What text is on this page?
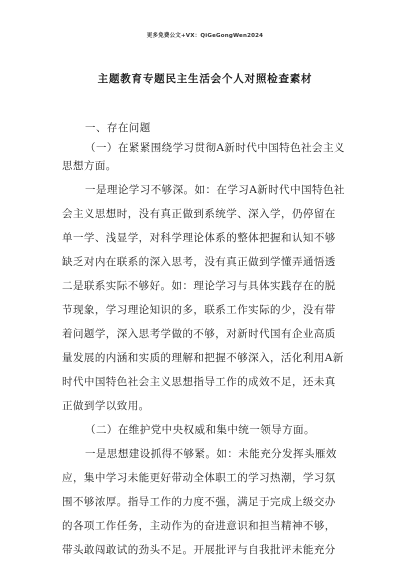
更多免费公文+VX：QiGeGongWen2024
主题教育专题民主生活会个人对照检查素材
一、存在问题
（一）在紧紧围绕学习贯彻A新时代中国特色社会主义
思想方面。
一是理论学习不够深。如：在学习A新时代中国特色社
会主义思想时，没有真正做到系统学、深入学，仍停留在
单一学、浅显学，对科学理论体系的整体把握和认知不够
缺乏对内在联系的深入思考，没有真正做到学懂弄通悟透
二是联系实际不够好。如：理论学习与具体实践存在的脱
节现象，学习理论知识的多，联系工作实际的少，没有带
着问题学，深入思考学做的不够，对新时代国有企业高质
量发展的内涵和实质的理解和把握不够深入，活化利用A新
时代中国特色社会主义思想指导工作的成效不足，还未真
正做到学以致用。
（二）在维护党中央权威和集中统一领导方面。
一是思想建设抓得不够紧。如：未能充分发挥头雁效
应，集中学习未能更好带动全体职工的学习热潮，学习氛
围不够浓厚。指导工作的力度不强，满足于完成上级交办
的各项工作任务，主动作为的奋进意识和担当精神不够，
带头敢闯敢试的劲头不足。开展批评与自我批评未能充分
